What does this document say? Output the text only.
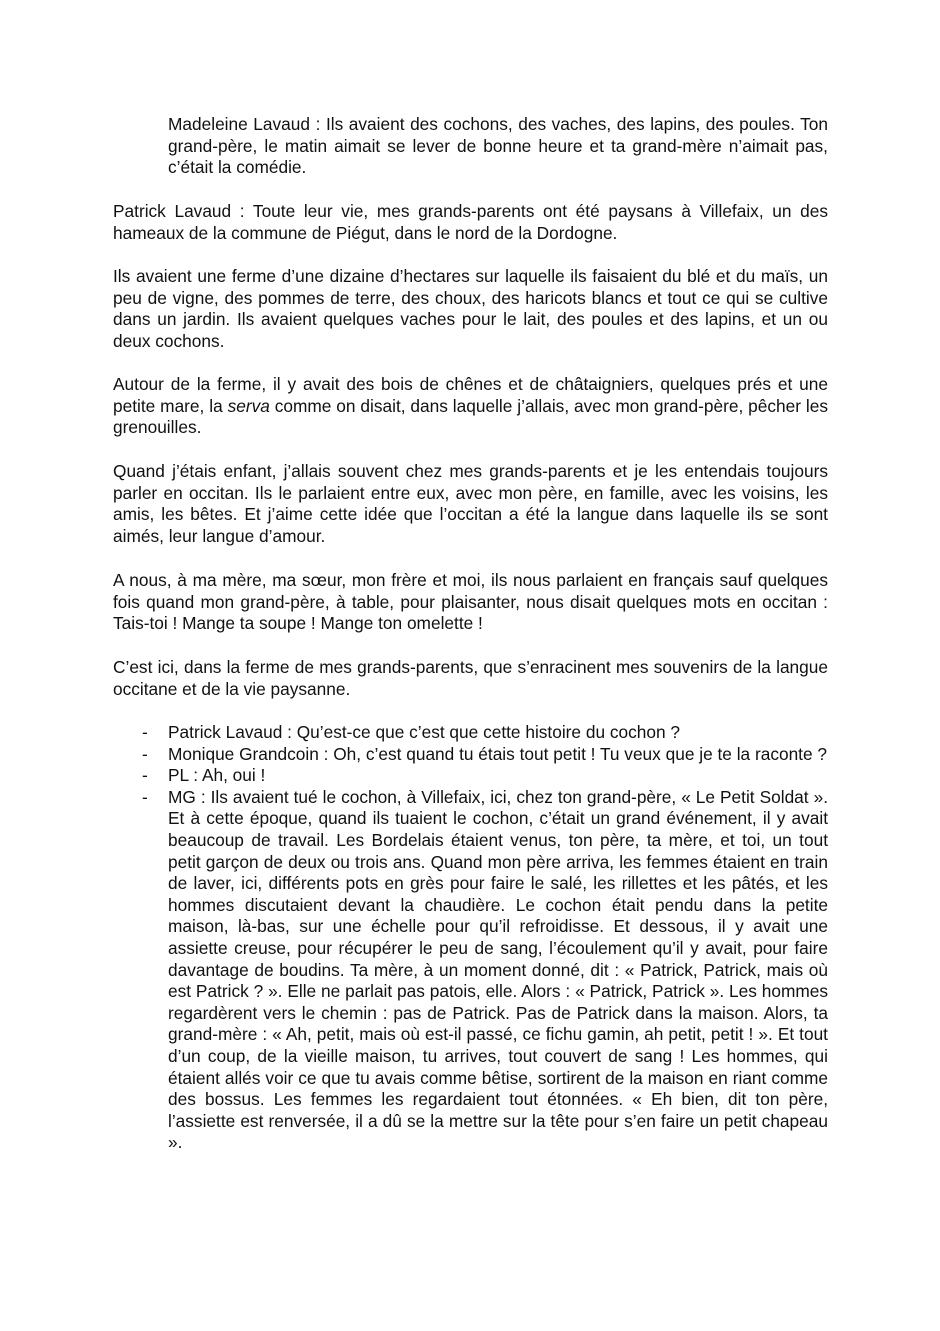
Madeleine Lavaud : Ils avaient des cochons, des vaches, des lapins, des poules. Ton grand-père, le matin aimait se lever de bonne heure et ta grand-mère n’aimait pas, c’était la comédie.

Patrick Lavaud : Toute leur vie, mes grands-parents ont été paysans à Villefaix, un des hameaux de la commune de Piégut, dans le nord de la Dordogne.

Ils avaient une ferme d’une dizaine d’hectares sur laquelle ils faisaient du blé et du maïs, un peu de vigne, des pommes de terre, des choux, des haricots blancs et tout ce qui se cultive dans un jardin. Ils avaient quelques vaches pour le lait, des poules et des lapins, et un ou deux cochons.

Autour de la ferme, il y avait des bois de chênes et de châtaigniers, quelques prés et une petite mare, la serva comme on disait, dans laquelle j’allais, avec mon grand-père, pêcher les grenouilles.

Quand j’étais enfant, j’allais souvent chez mes grands-parents et je les entendais toujours parler en occitan. Ils le parlaient entre eux, avec mon père, en famille, avec les voisins, les amis, les bêtes. Et j’aime cette idée que l’occitan a été la langue dans laquelle ils se sont aimés, leur langue d’amour.

A nous, à ma mère, ma sœur, mon frère et moi, ils nous parlaient en français sauf quelques fois quand mon grand-père, à table, pour plaisanter, nous disait quelques mots en occitan : Tais-toi ! Mange ta soupe ! Mange ton omelette !

C’est ici, dans la ferme de mes grands-parents, que s’enracinent mes souvenirs de la langue occitane et de la vie paysanne.

- Patrick Lavaud : Qu’est-ce que c’est que cette histoire du cochon ?
- Monique Grandcoin : Oh, c’est quand tu étais tout petit ! Tu veux que je te la raconte ?
- PL : Ah, oui !
- MG : Ils avaient tué le cochon, à Villefaix, ici, chez ton grand-père, « Le Petit Soldat ». Et à cette époque, quand ils tuaient le cochon, c’était un grand événement, il y avait beaucoup de travail. Les Bordelais étaient venus, ton père, ta mère, et toi, un tout petit garçon de deux ou trois ans. Quand mon père arriva, les femmes étaient en train de laver, ici, différents pots en grès pour faire le salé, les rillettes et les pâtés, et les hommes discutaient devant la chaudière. Le cochon était pendu dans la petite maison, là-bas, sur une échelle pour qu’il refroidisse. Et dessous, il y avait une assiette creuse, pour récupérer le peu de sang, l’écoulement qu’il y avait, pour faire davantage de boudins. Ta mère, à un moment donné, dit : « Patrick, Patrick, mais où est Patrick ? ». Elle ne parlait pas patois, elle. Alors : « Patrick, Patrick ». Les hommes regardèrent vers le chemin : pas de Patrick. Pas de Patrick dans la maison. Alors, ta grand-mère : « Ah, petit, mais où est-il passé, ce fichu gamin, ah petit, petit ! ». Et tout d’un coup, de la vieille maison, tu arrives, tout couvert de sang ! Les hommes, qui étaient allés voir ce que tu avais comme bêtise, sortirent de la maison en riant comme des bossus. Les femmes les regardaient tout étonnées. « Eh bien, dit ton père, l’assiette est renversée, il a dû se la mettre sur la tête pour s’en faire un petit chapeau ».
